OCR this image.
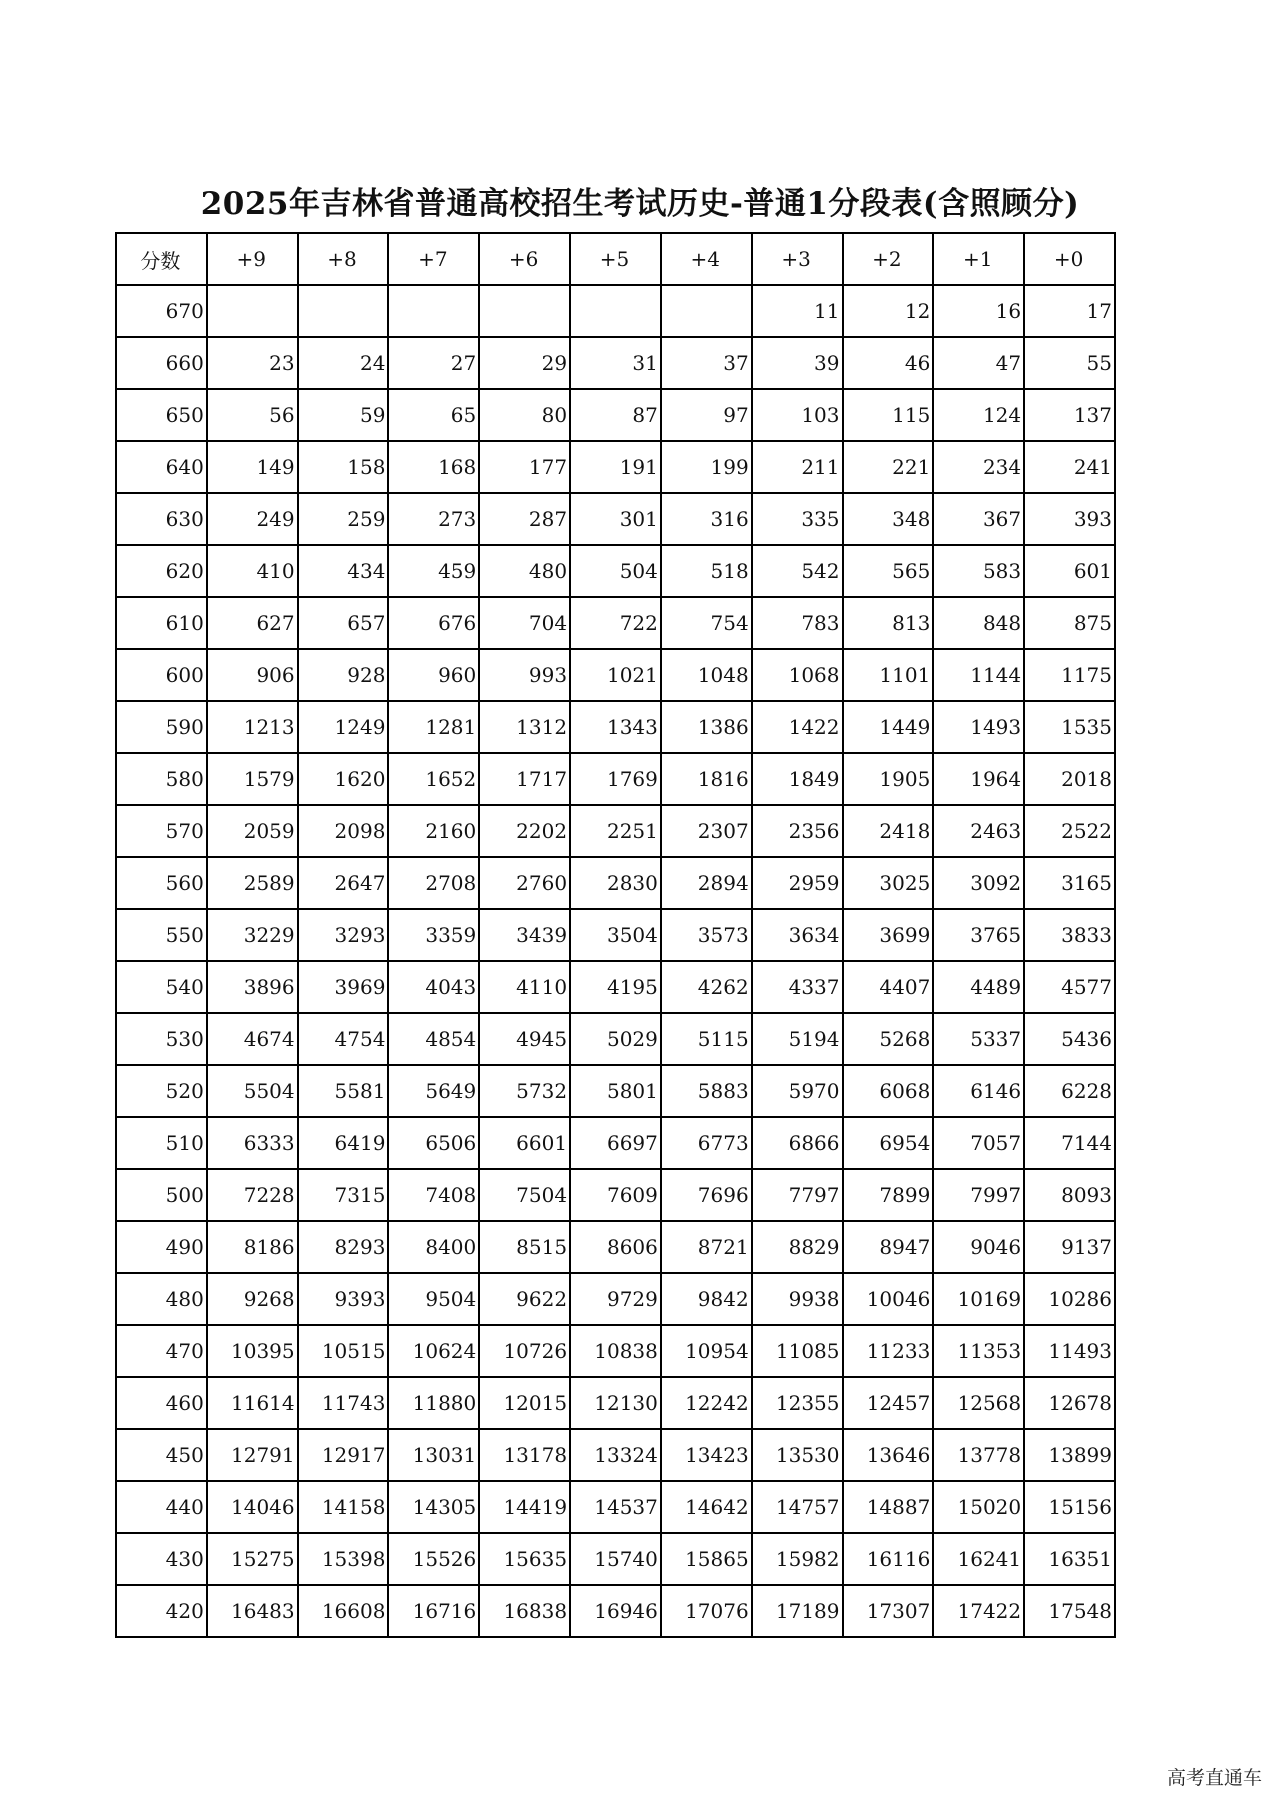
2025年吉林省普通高校招生考试历史-普通1分段表(含照顾分)
分数	+9	+8	+7	+6	+5	+4	+3	+2	+1	+0
670							11	12	16	17
660	23	24	27	29	31	37	39	46	47	55
650	56	59	65	80	87	97	103	115	124	137
640	149	158	168	177	191	199	211	221	234	241
630	249	259	273	287	301	316	335	348	367	393
620	410	434	459	480	504	518	542	565	583	601
610	627	657	676	704	722	754	783	813	848	875
600	906	928	960	993	1021	1048	1068	1101	1144	1175
590	1213	1249	1281	1312	1343	1386	1422	1449	1493	1535
580	1579	1620	1652	1717	1769	1816	1849	1905	1964	2018
570	2059	2098	2160	2202	2251	2307	2356	2418	2463	2522
560	2589	2647	2708	2760	2830	2894	2959	3025	3092	3165
550	3229	3293	3359	3439	3504	3573	3634	3699	3765	3833
540	3896	3969	4043	4110	4195	4262	4337	4407	4489	4577
530	4674	4754	4854	4945	5029	5115	5194	5268	5337	5436
520	5504	5581	5649	5732	5801	5883	5970	6068	6146	6228
510	6333	6419	6506	6601	6697	6773	6866	6954	7057	7144
500	7228	7315	7408	7504	7609	7696	7797	7899	7997	8093
490	8186	8293	8400	8515	8606	8721	8829	8947	9046	9137
480	9268	9393	9504	9622	9729	9842	9938	10046	10169	10286
470	10395	10515	10624	10726	10838	10954	11085	11233	11353	11493
460	11614	11743	11880	12015	12130	12242	12355	12457	12568	12678
450	12791	12917	13031	13178	13324	13423	13530	13646	13778	13899
440	14046	14158	14305	14419	14537	14642	14757	14887	15020	15156
430	15275	15398	15526	15635	15740	15865	15982	16116	16241	16351
420	16483	16608	16716	16838	16946	17076	17189	17307	17422	17548
高考直通车
